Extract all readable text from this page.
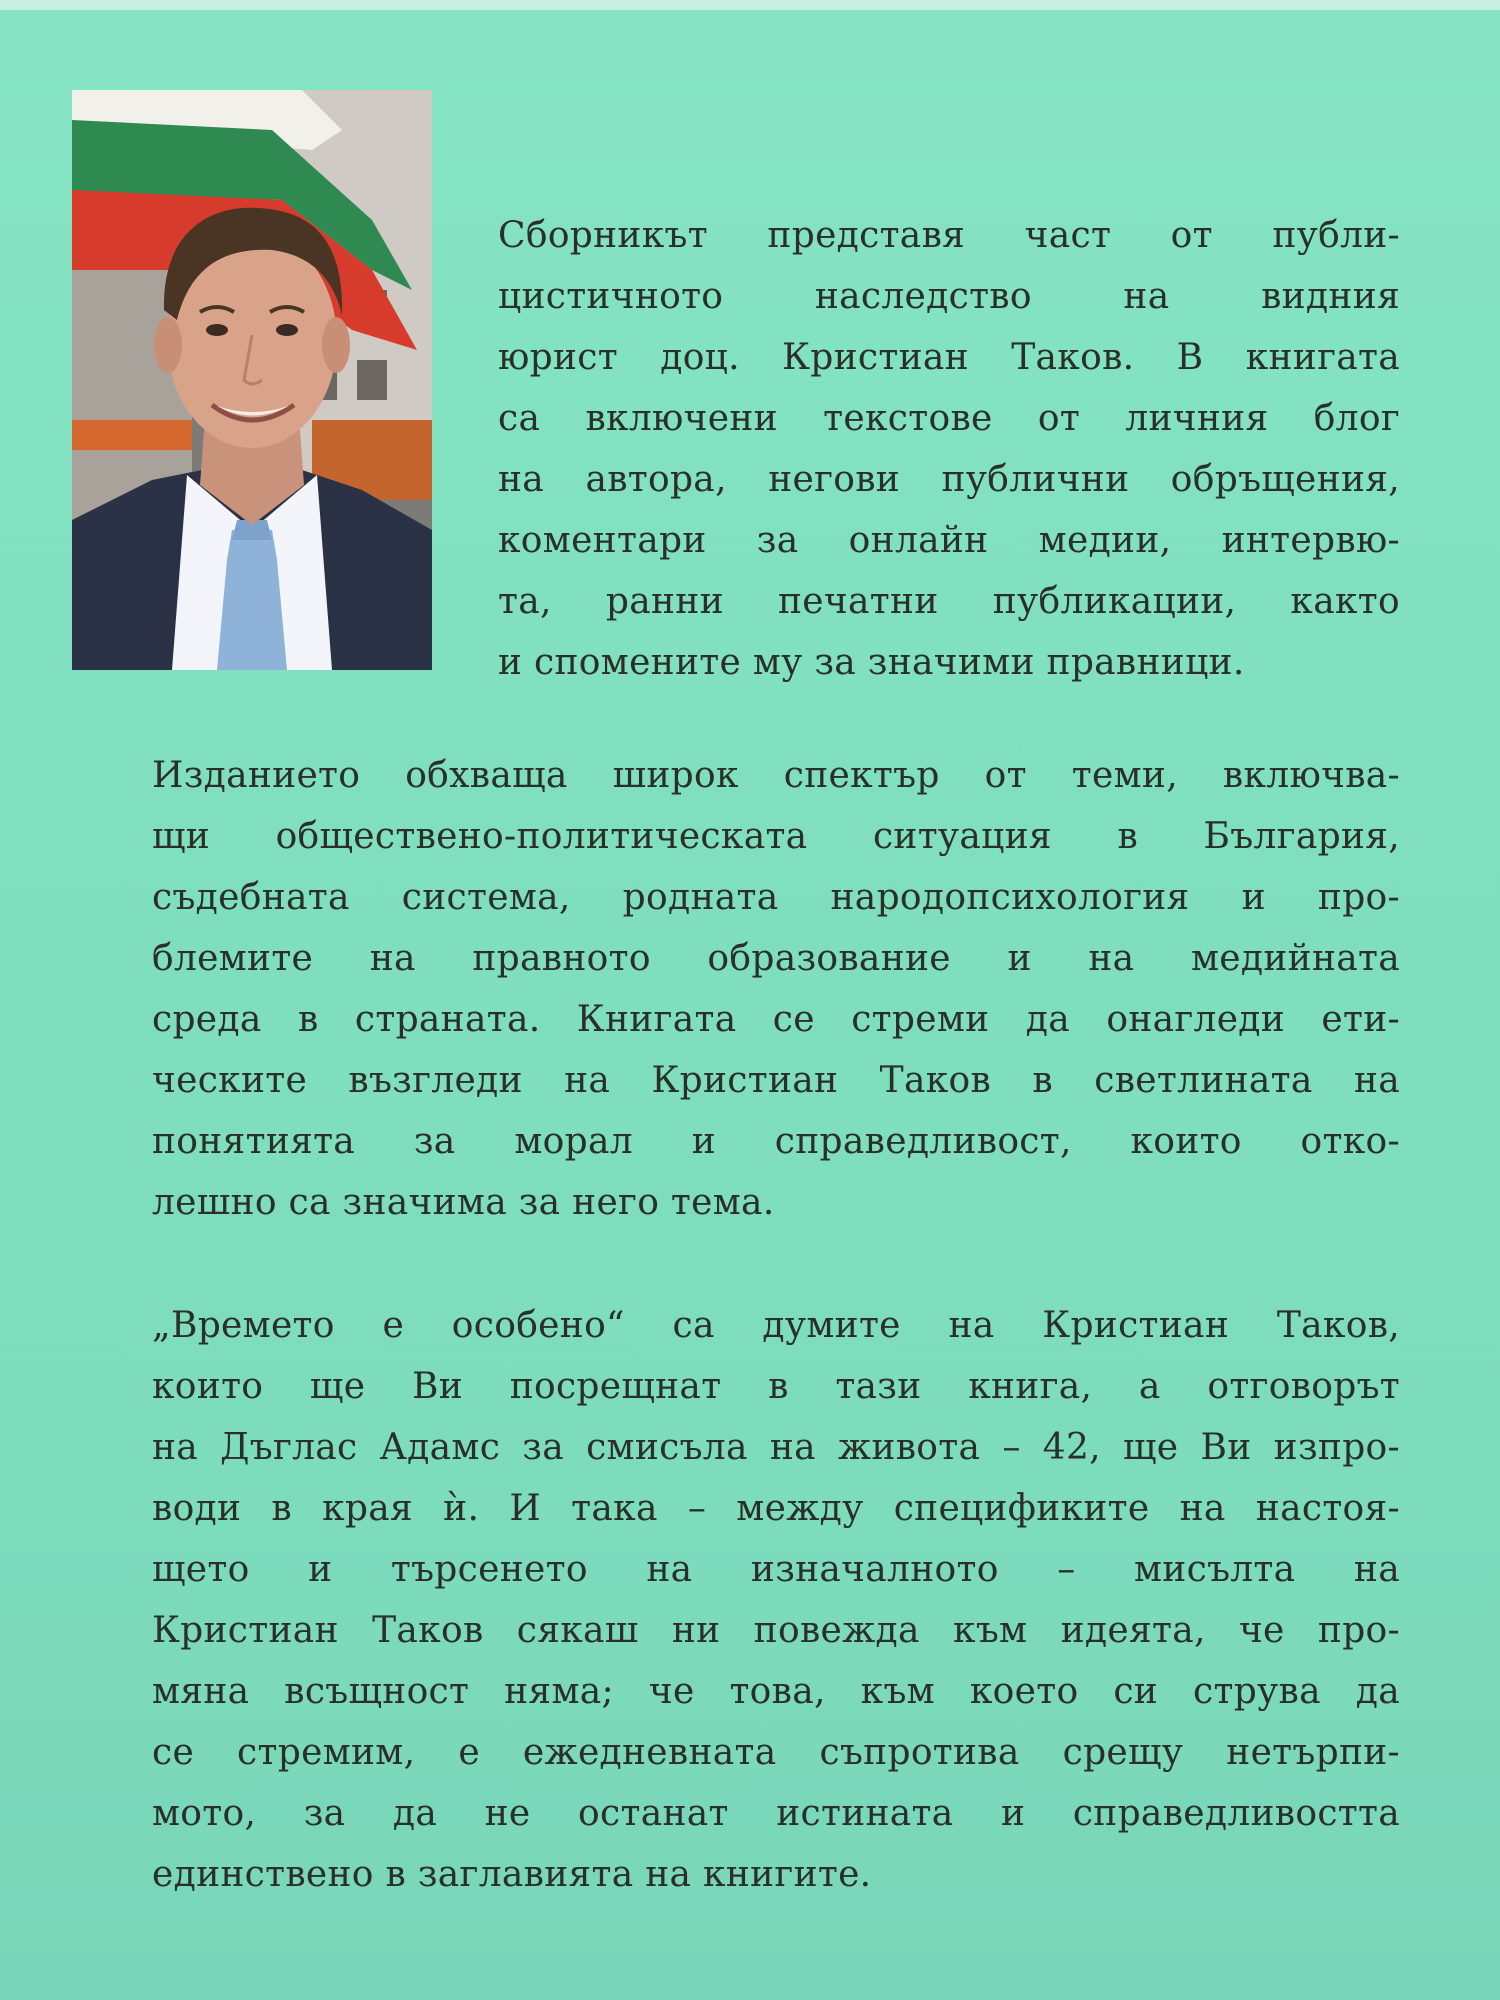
Сборникът представя част от публи-
цистичното наследство на видния
юрист доц. Кристиан Таков. В книгата
са включени текстове от личния блог
на автора, негови публични обръщения,
коментари за онлайн медии, интервю-
та, ранни печатни публикации, както
и спомените му за значими правници.
Изданието обхваща широк спектър от теми, включва-
щи обществено-политическата ситуация в България,
съдебната система, родната народопсихология и про-
блемите на правното образование и на медийната
среда в страната. Книгата се стреми да онагледи ети-
ческите възгледи на Кристиан Таков в светлината на
понятията за морал и справедливост, които отко-
лешно са значима за него тема.
„Времето е особено“ са думите на Кристиан Таков,
които ще Ви посрещнат в тази книга, а отговорът
на Дъглас Адамс за смисъла на живота – 42, ще Ви изпро-
води в края ѝ. И така – между спецификите на настоя-
щето и търсенето на изначалното – мисълта на
Кристиан Таков сякаш ни повежда към идеята, че про-
мяна всъщност няма; че това, към което си струва да
се стремим, е ежедневната съпротива срещу нетърпи-
мото, за да не останат истината и справедливостта
единствено в заглавията на книгите.
